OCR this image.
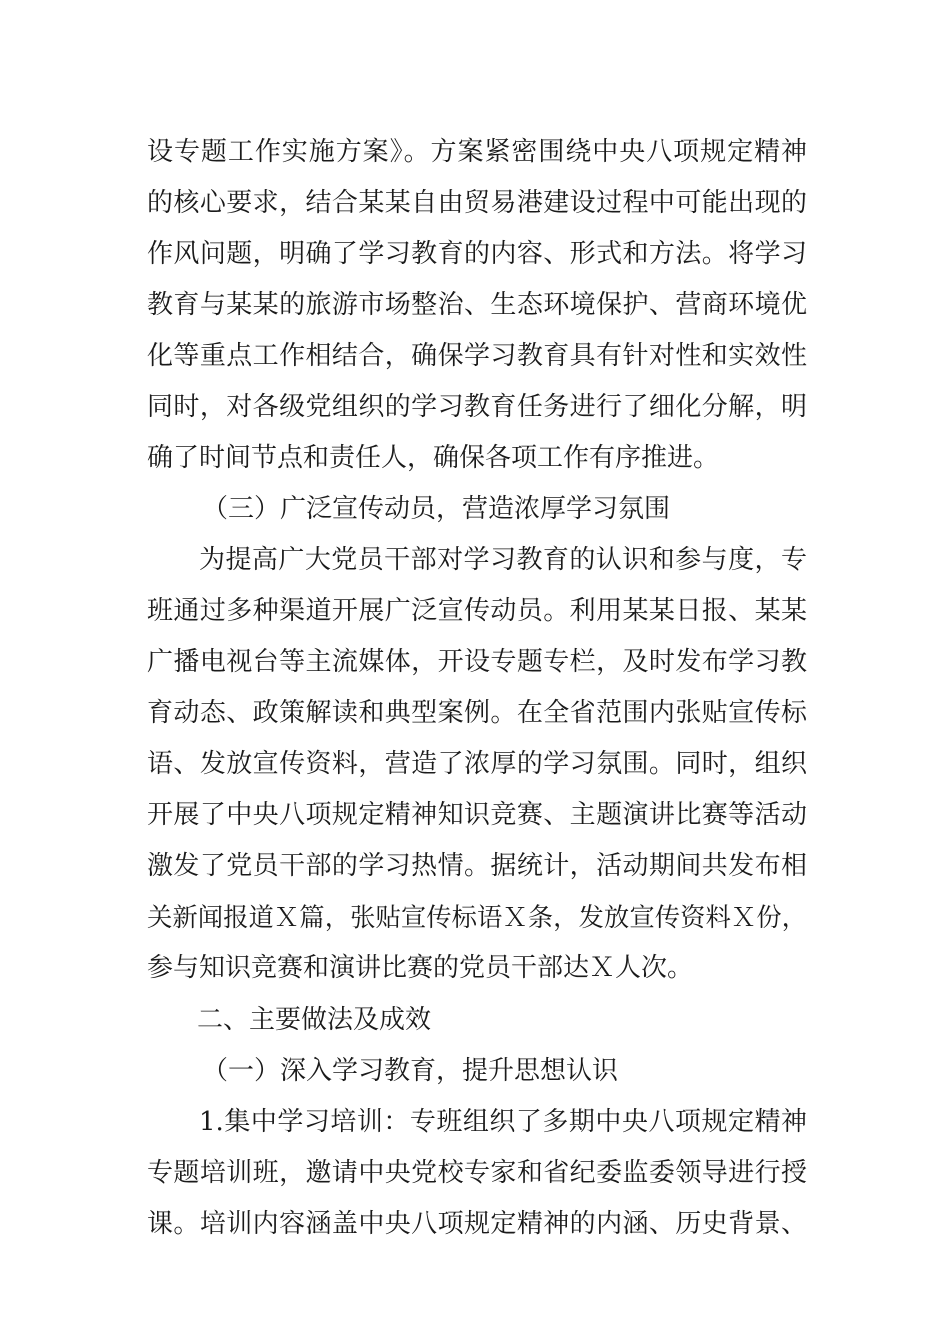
设专题工作实施方案》。方案紧密围绕中央八项规定精神
的核心要求，结合某某自由贸易港建设过程中可能出现的
作风问题，明确了学习教育的内容、形式和方法。将学习
教育与某某的旅游市场整治、生态环境保护、营商环境优
化等重点工作相结合，确保学习教育具有针对性和实效性
同时，对各级党组织的学习教育任务进行了细化分解，明
确了时间节点和责任人，确保各项工作有序推进。
（三）广泛宣传动员，营造浓厚学习氛围
为提高广大党员干部对学习教育的认识和参与度，专
班通过多种渠道开展广泛宣传动员。利用某某日报、某某
广播电视台等主流媒体，开设专题专栏，及时发布学习教
育动态、政策解读和典型案例。在全省范围内张贴宣传标
语、发放宣传资料，营造了浓厚的学习氛围。同时，组织
开展了中央八项规定精神知识竞赛、主题演讲比赛等活动
激发了党员干部的学习热情。据统计，活动期间共发布相
关新闻报道Ｘ篇，张贴宣传标语Ｘ条，发放宣传资料Ｘ份，
参与知识竞赛和演讲比赛的党员干部达Ｘ人次。
二、主要做法及成效
（一）深入学习教育，提升思想认识
1.集中学习培训：专班组织了多期中央八项规定精神
专题培训班，邀请中央党校专家和省纪委监委领导进行授
课。培训内容涵盖中央八项规定精神的内涵、历史背景、
